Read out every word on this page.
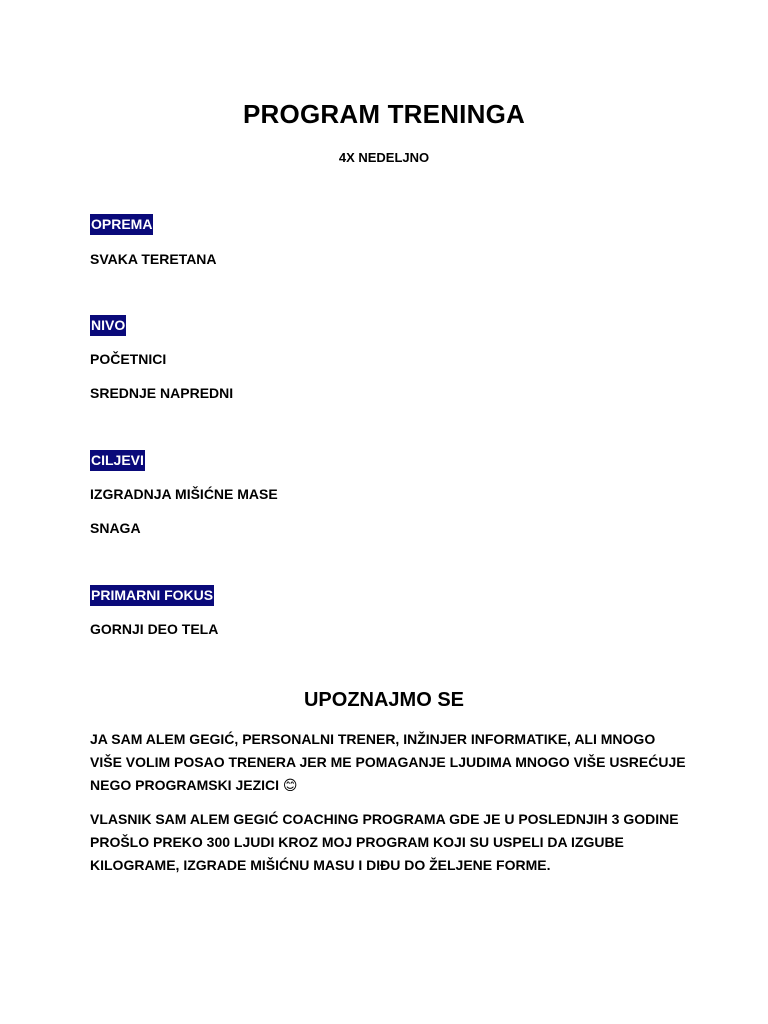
PROGRAM TRENINGA
4X NEDELJNO
OPREMA
SVAKA TERETANA
NIVO
POČETNICI
SREDNJE NAPREDNI
CILJEVI
IZGRADNJA MIŠIĆNE MASE
SNAGA
PRIMARNI FOKUS
GORNJI DEO TELA
UPOZNAJMO SE
JA SAM ALEM GEGIĆ, PERSONALNI TRENER, INŽINJER INFORMATIKE, ALI MNOGO VIŠE VOLIM POSAO TRENERA JER ME POMAGANJE LJUDIMA MNOGO VIŠE USREĆUJE NEGO PROGRAMSKI JEZICI 😊
VLASNIK SAM ALEM GEGIĆ COACHING PROGRAMA GDE JE U POSLEDNJIH 3 GODINE PROŠLO PREKO 300 LJUDI KROZ MOJ PROGRAM KOJI SU USPELI DA IZGUBE KILOGRAME, IZGRADE MIŠIĆNU MASU I DIĐU DO ŽELJENE FORME.
